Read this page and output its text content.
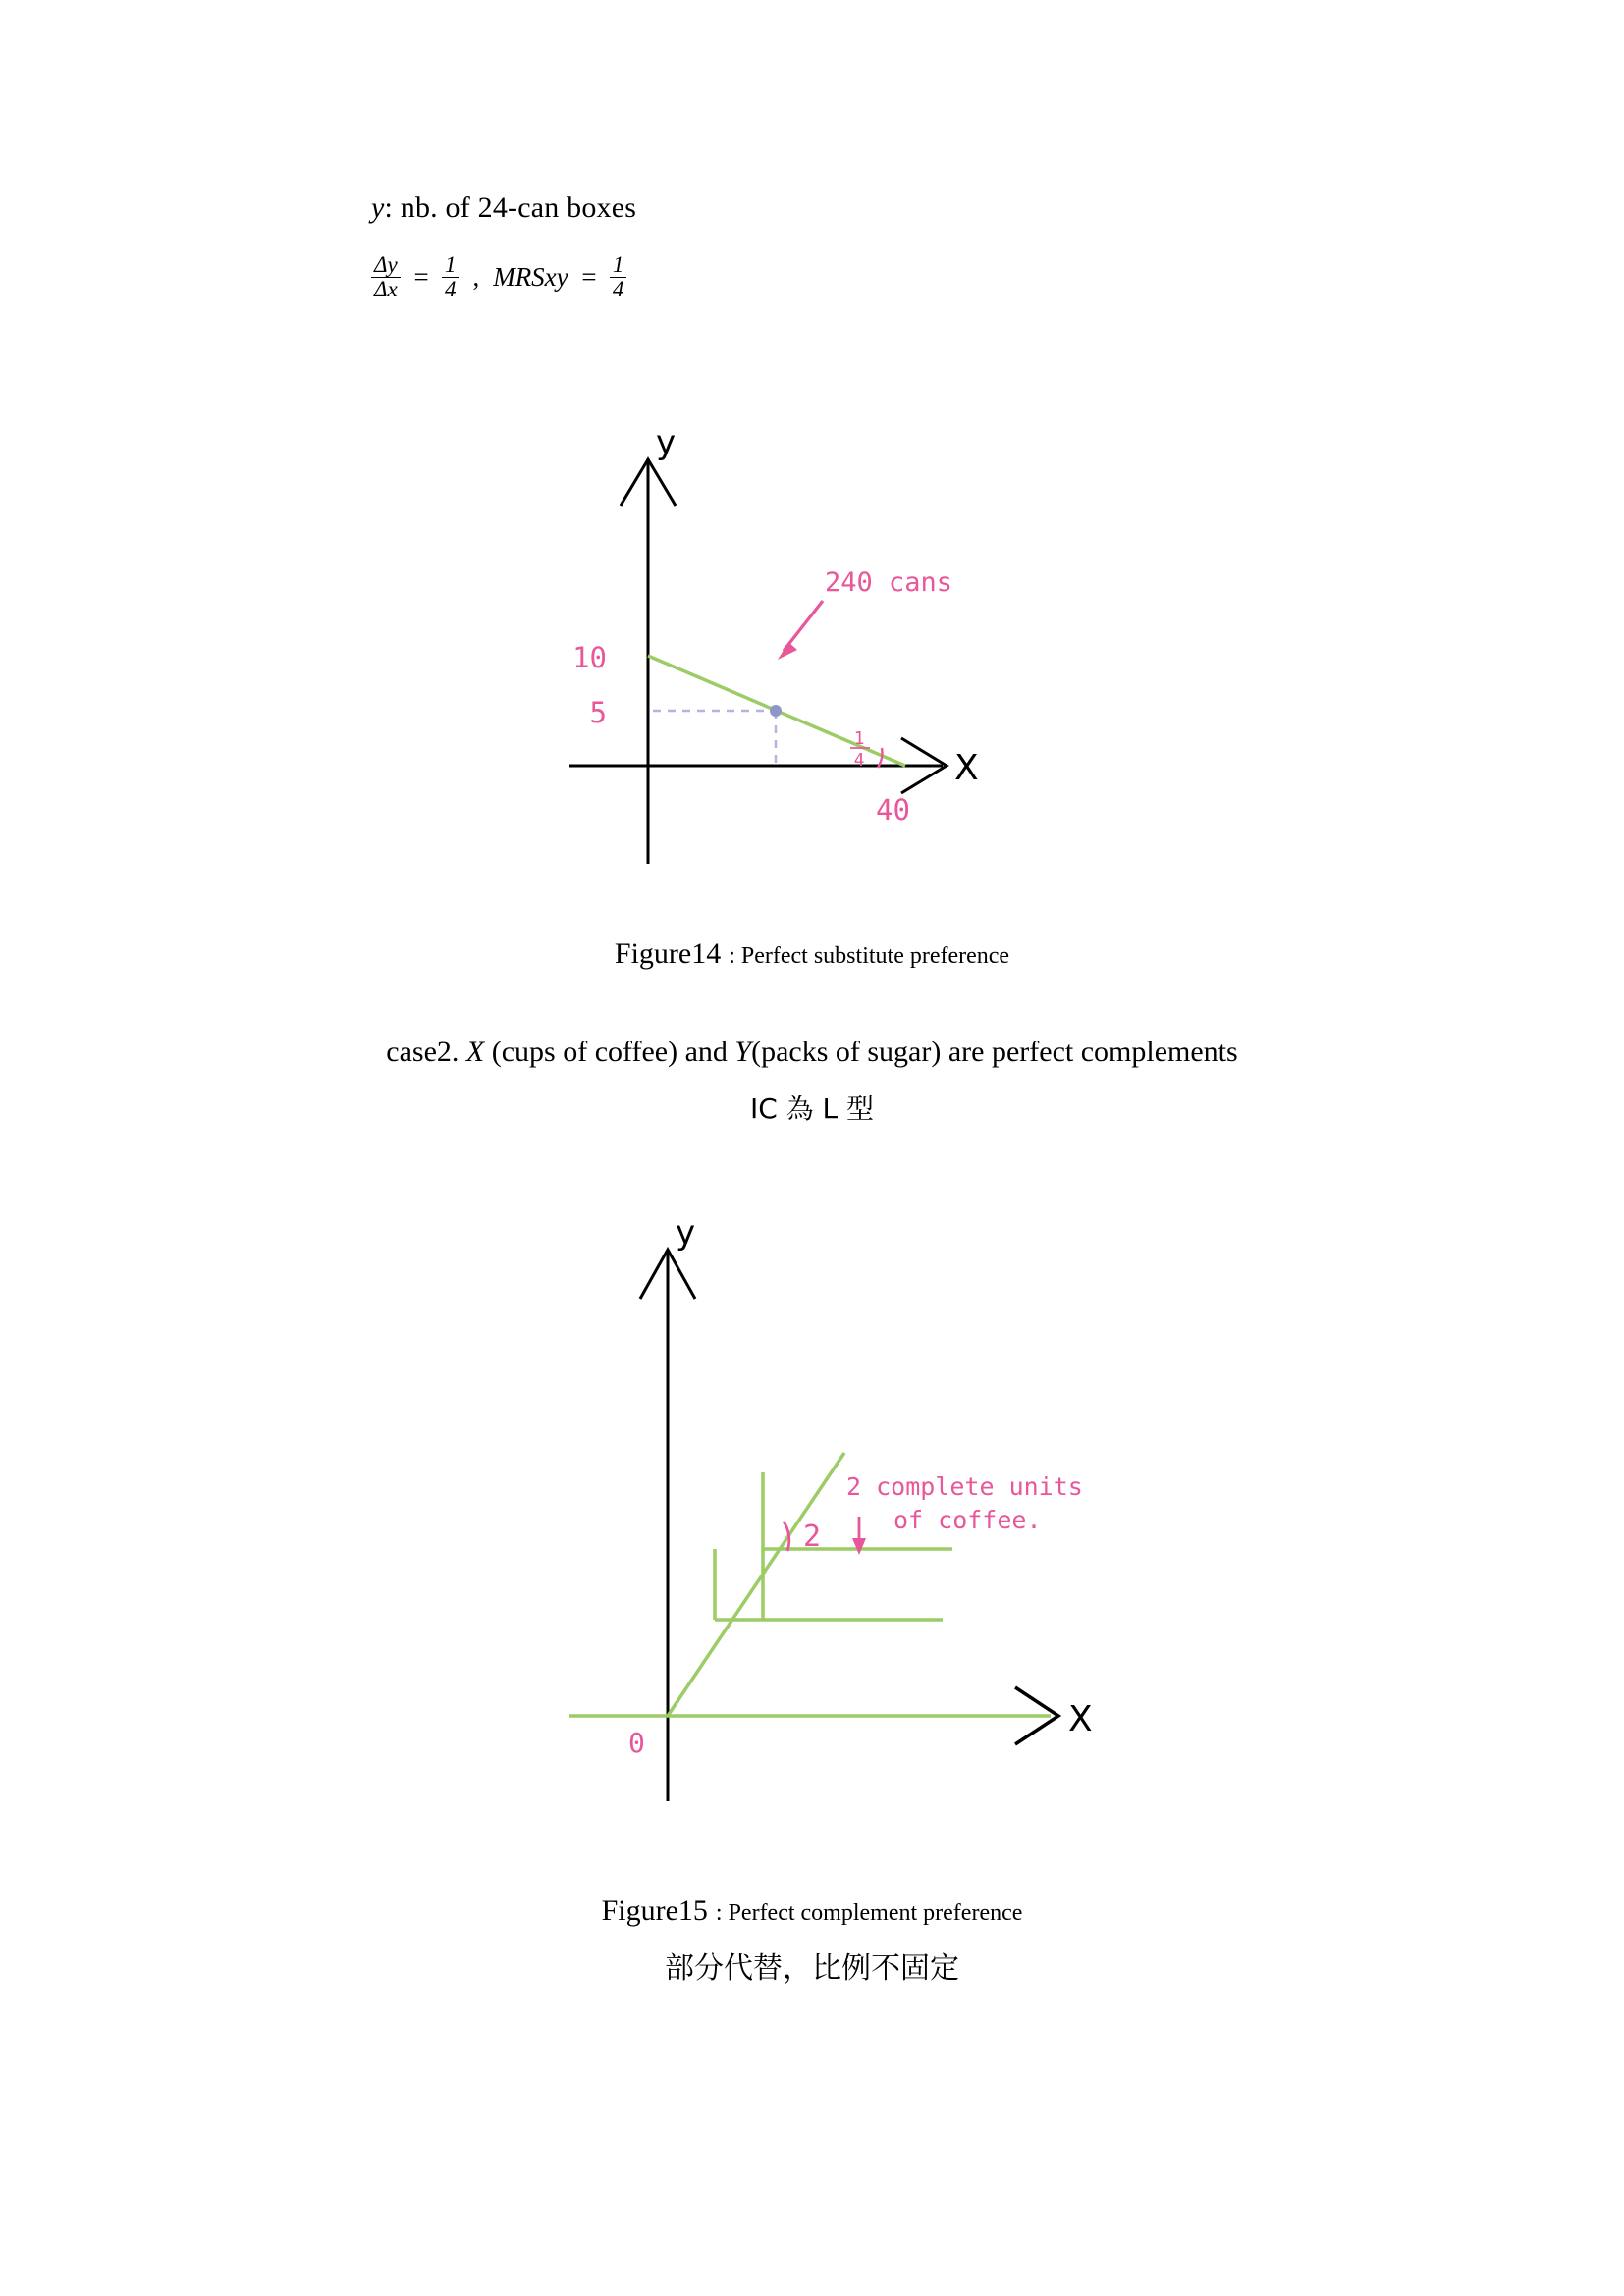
y: nb. of 24-can boxes
$\frac{\Delta y}{\Delta x} = \frac{1}{4}$ , MRSxy = $\frac{1}{4}$
10
5
40
240 cans
y
X
1
4
Figure14 : Perfect substitute preference
case2. X (cups of coffee) and Y(packs of sugar) are perfect complements
IC 為 L 型
2
2 complete units
of coffee.
y
X
0
Figure15 : Perfect complement preference
部分代替，比例不固定
